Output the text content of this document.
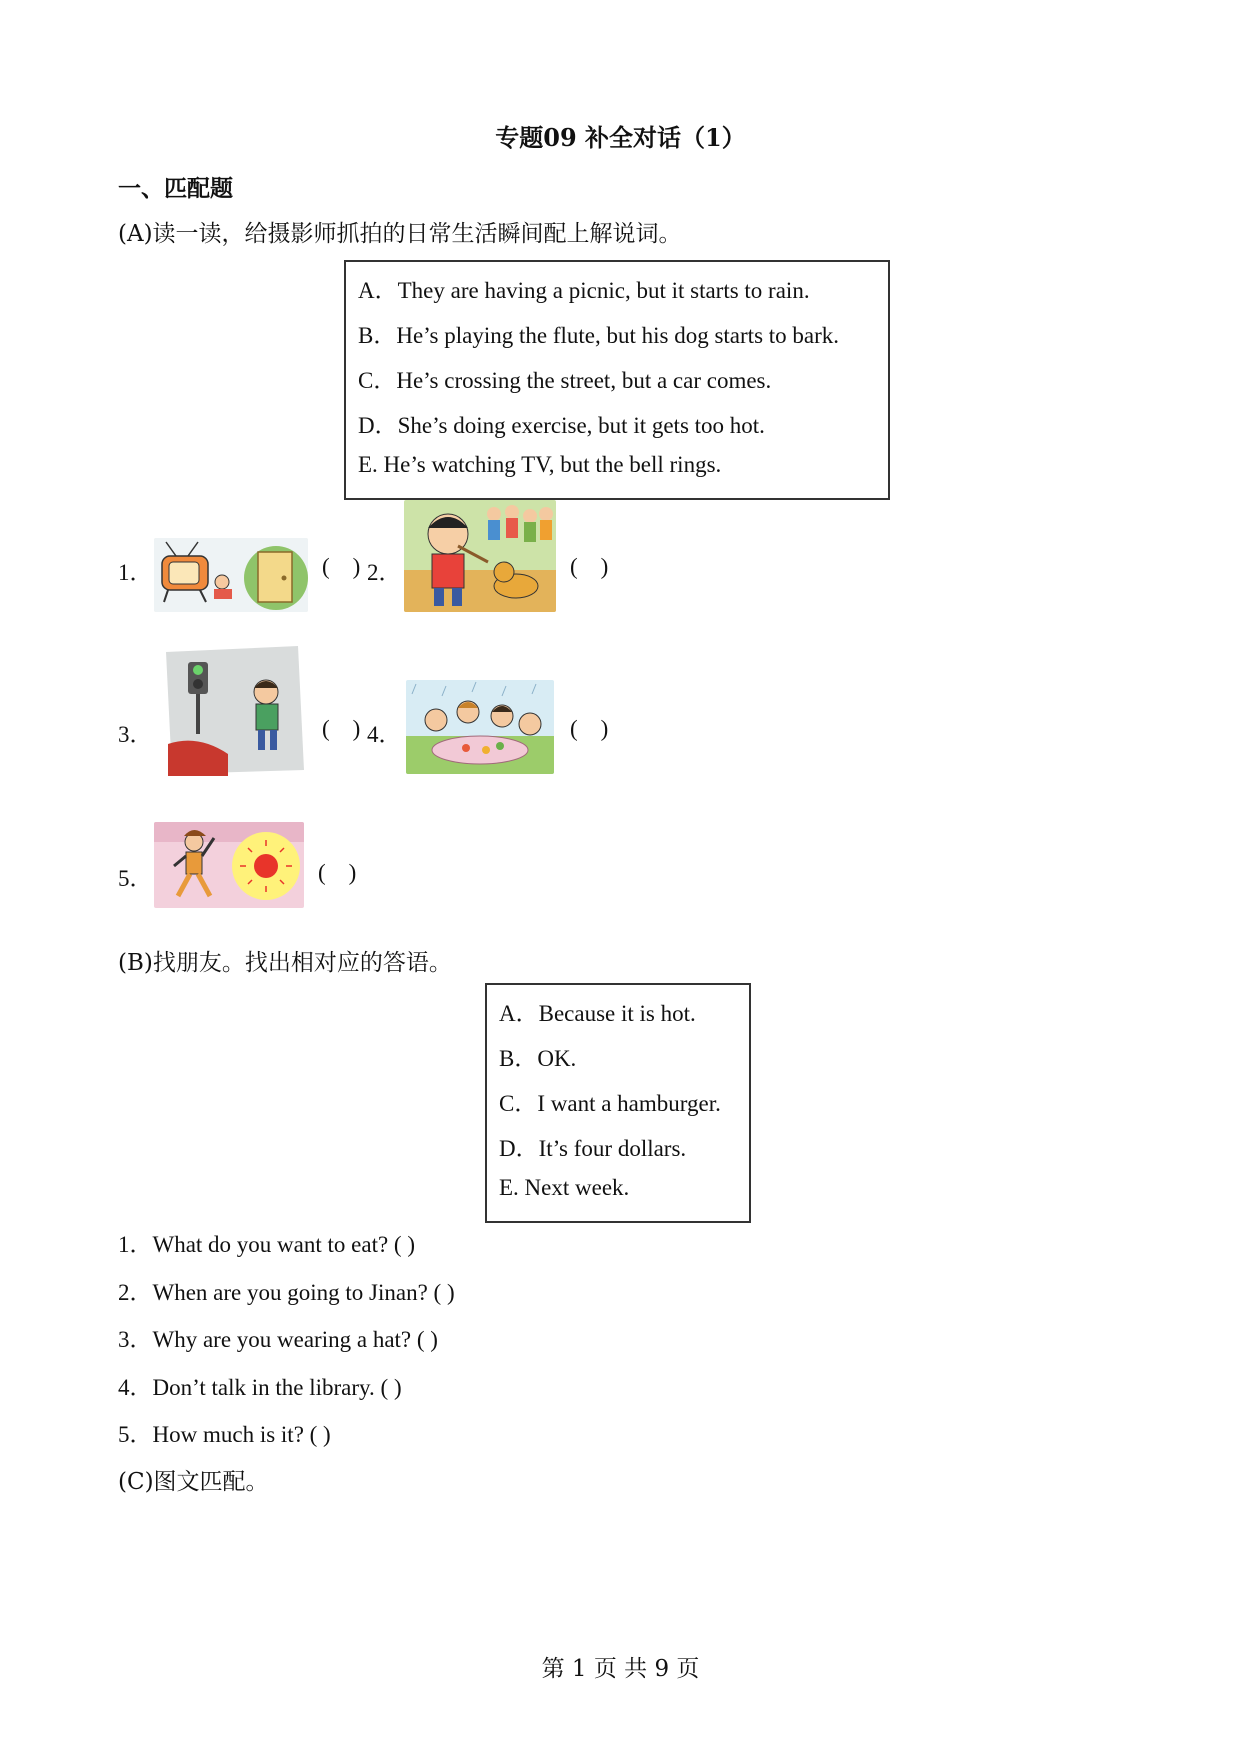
专题09 补全对话（1）
一、匹配题
(A)读一读，给摄影师抓拍的日常生活瞬间配上解说词。
A．They are having a picnic, but it starts to rain.
B．He’s playing the flute, but his dog starts to bark.
C．He’s crossing the street, but a car comes.
D．She’s doing exercise, but it gets too hot.
E. He’s watching TV, but the bell rings.
1．	(    ) 2．	(    )
3．	(    ) 4．	(    )
5．	(    )
(B)找朋友。找出相对应的答语。
A．Because it is hot.
B．OK.
C．I want a hamburger.
D．It’s four dollars.
E. Next week.
1．What do you want to eat? ( )
2．When are you going to Jinan? ( )
3．Why are you wearing a hat? ( )
4．Don’t talk in the library. ( )
5．How much is it? ( )
(C)图文匹配。
第 1 页 共 9 页
